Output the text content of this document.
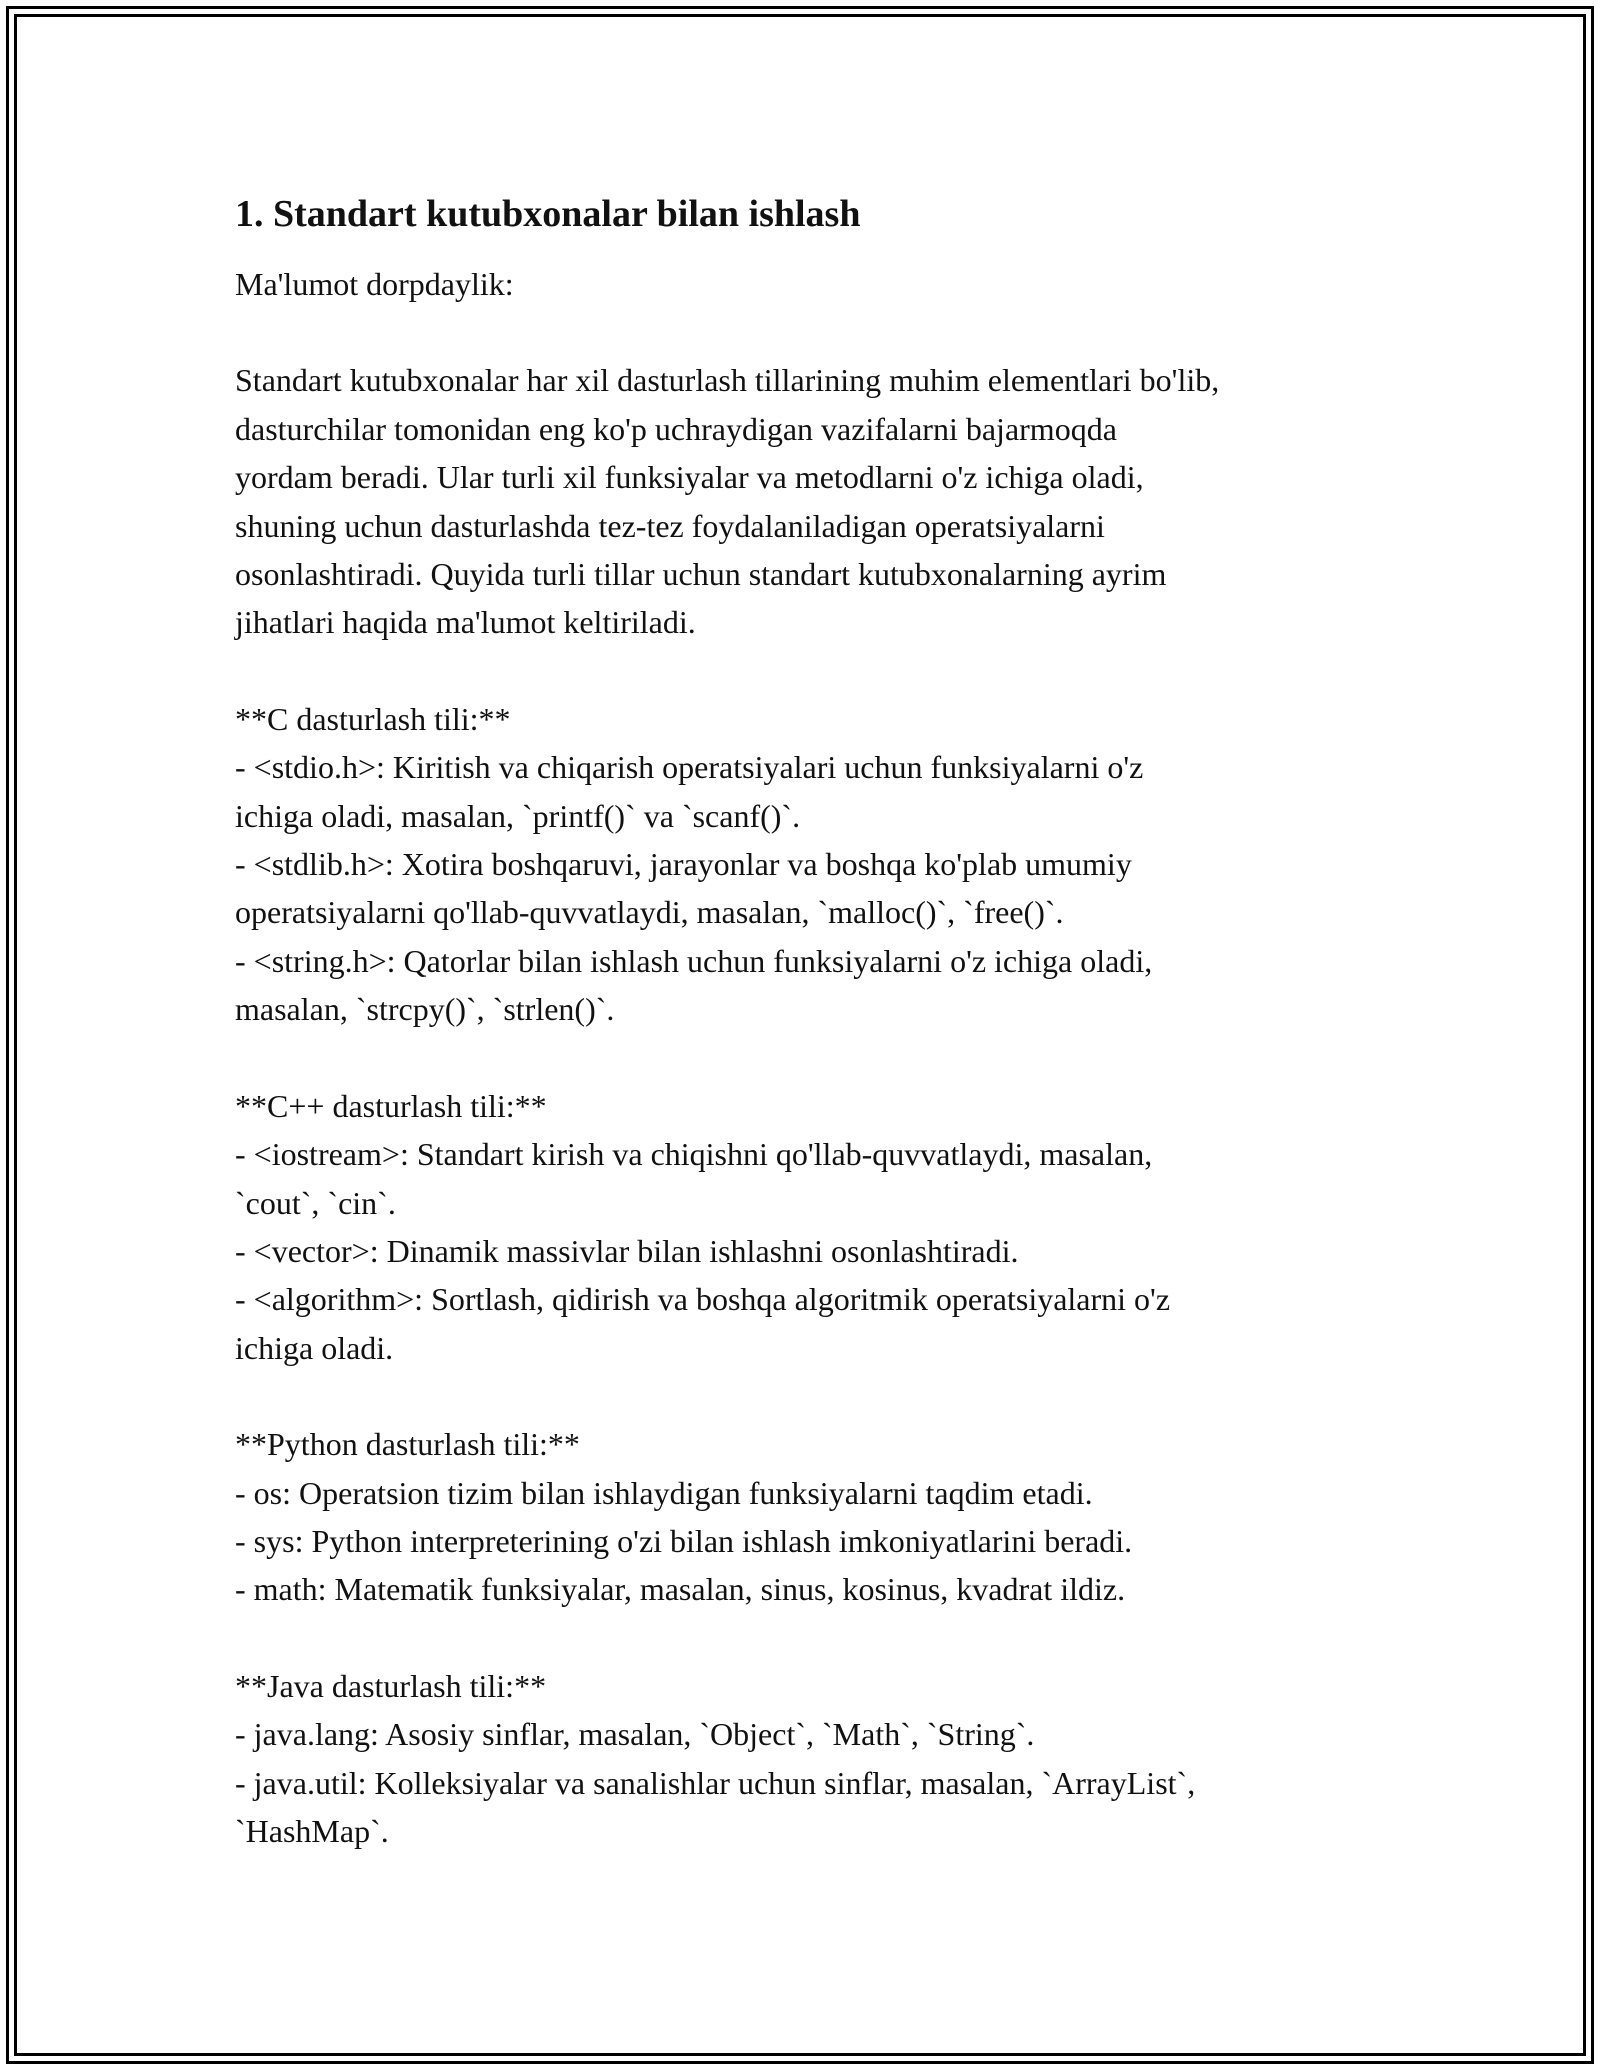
1. Standart kutubxonalar bilan ishlash
Ma'lumot dorpdaylik:
Standart kutubxonalar har xil dasturlash tillarining muhim elementlari bo'lib,
dasturchilar tomonidan eng ko'p uchraydigan vazifalarni bajarmoqda
yordam beradi. Ular turli xil funksiyalar va metodlarni o'z ichiga oladi,
shuning uchun dasturlashda tez-tez foydalaniladigan operatsiyalarni
osonlashtiradi. Quyida turli tillar uchun standart kutubxonalarning ayrim
jihatlari haqida ma'lumot keltiriladi.
**C dasturlash tili:**
- <stdio.h>: Kiritish va chiqarish operatsiyalari uchun funksiyalarni o'z
ichiga oladi, masalan, `printf()` va `scanf()`.
- <stdlib.h>: Xotira boshqaruvi, jarayonlar va boshqa ko'plab umumiy
operatsiyalarni qo'llab-quvvatlaydi, masalan, `malloc()`, `free()`.
- <string.h>: Qatorlar bilan ishlash uchun funksiyalarni o'z ichiga oladi,
masalan, `strcpy()`, `strlen()`.
**C++ dasturlash tili:**
- <iostream>: Standart kirish va chiqishni qo'llab-quvvatlaydi, masalan,
`cout`, `cin`.
- <vector>: Dinamik massivlar bilan ishlashni osonlashtiradi.
- <algorithm>: Sortlash, qidirish va boshqa algoritmik operatsiyalarni o'z
ichiga oladi.
**Python dasturlash tili:**
- os: Operatsion tizim bilan ishlaydigan funksiyalarni taqdim etadi.
- sys: Python interpreterining o'zi bilan ishlash imkoniyatlarini beradi.
- math: Matematik funksiyalar, masalan, sinus, kosinus, kvadrat ildiz.
**Java dasturlash tili:**
- java.lang: Asosiy sinflar, masalan, `Object`, `Math`, `String`.
- java.util: Kolleksiyalar va sanalishlar uchun sinflar, masalan, `ArrayList`,
`HashMap`.
